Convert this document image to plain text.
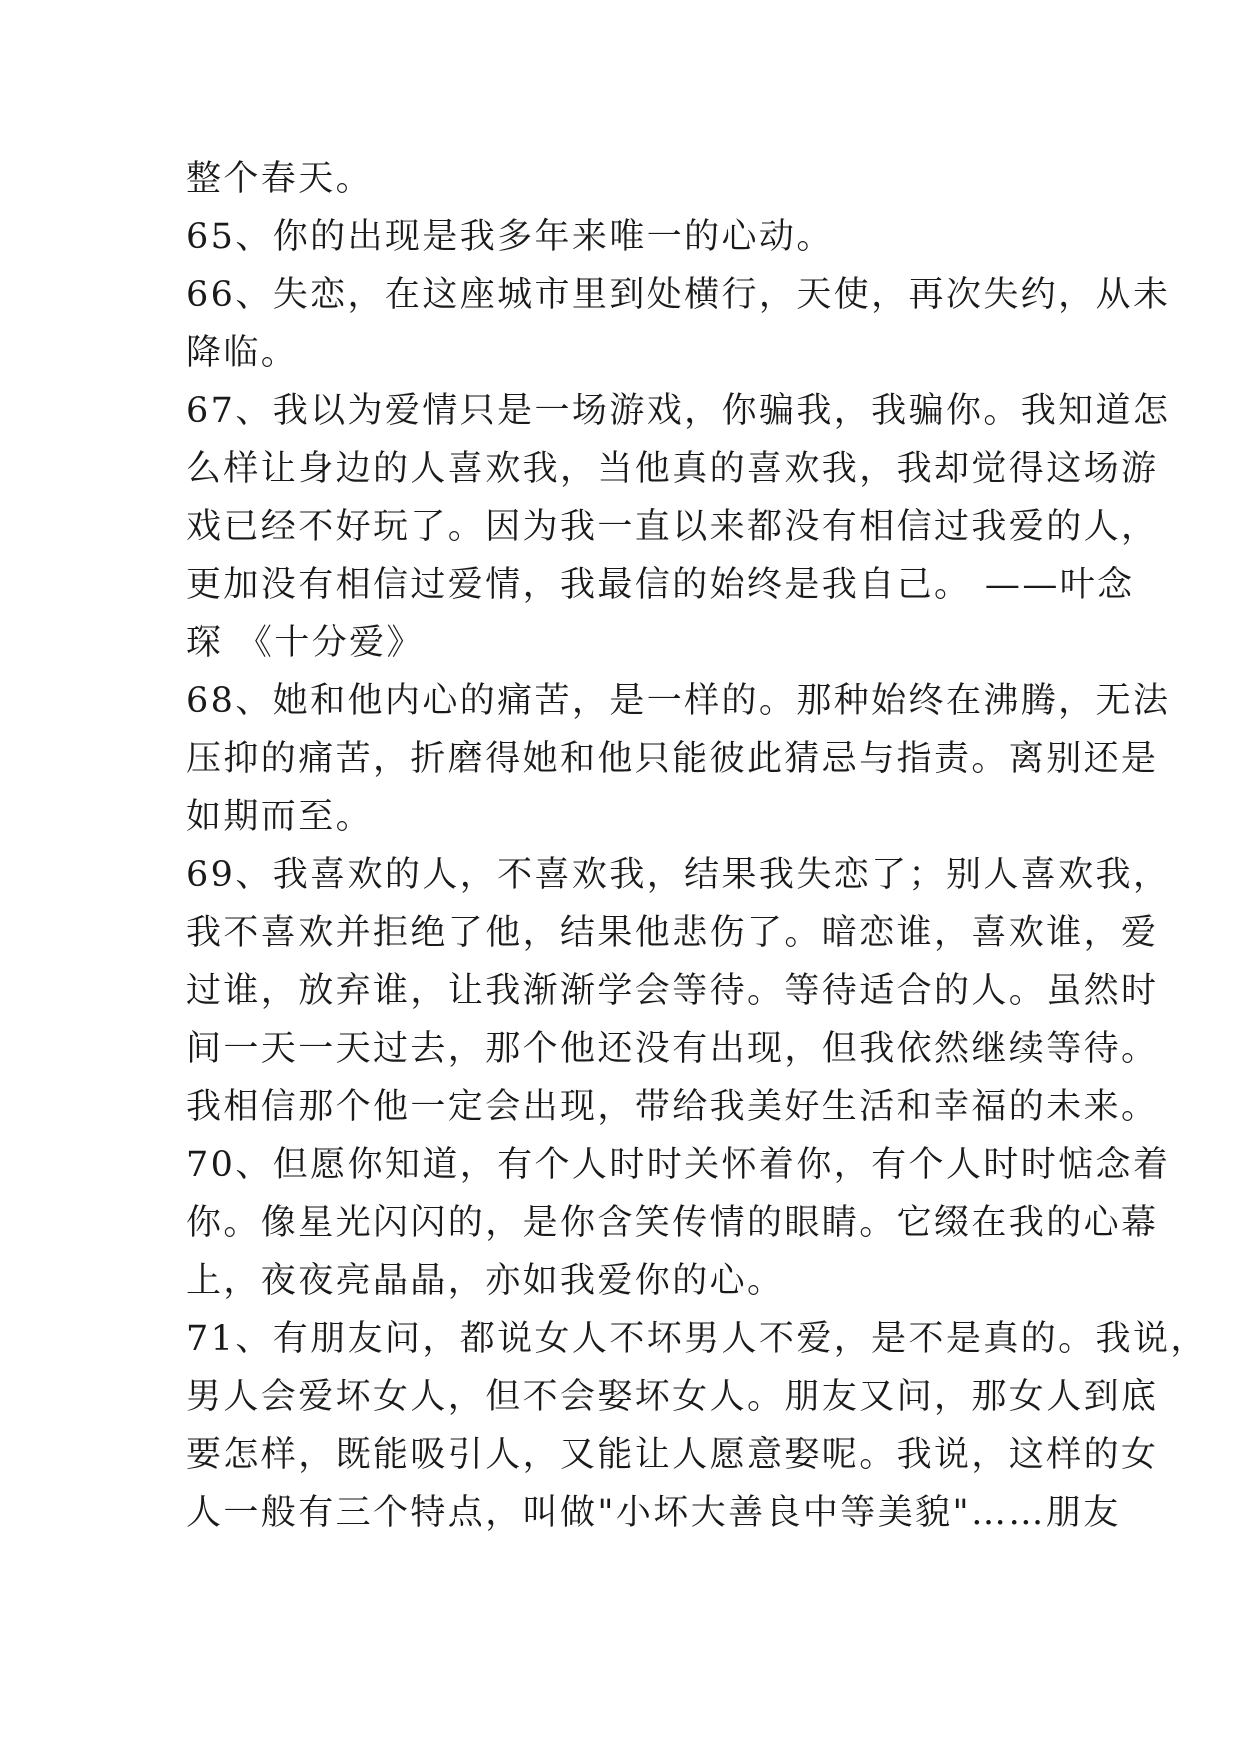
整个春天。
65、你的出现是我多年来唯一的心动。
66、失恋，在这座城市里到处横行，天使，再次失约，从未
降临。
67、我以为爱情只是一场游戏，你骗我，我骗你。我知道怎
么样让身边的人喜欢我，当他真的喜欢我，我却觉得这场游
戏已经不好玩了。因为我一直以来都没有相信过我爱的人，
更加没有相信过爱情，我最信的始终是我自己。 ——叶念
琛 《十分爱》
68、她和他内心的痛苦，是一样的。那种始终在沸腾，无法
压抑的痛苦，折磨得她和他只能彼此猜忌与指责。离别还是
如期而至。
69、我喜欢的人，不喜欢我，结果我失恋了；别人喜欢我，
我不喜欢并拒绝了他，结果他悲伤了。暗恋谁，喜欢谁，爱
过谁，放弃谁，让我渐渐学会等待。等待适合的人。虽然时
间一天一天过去，那个他还没有出现，但我依然继续等待。
我相信那个他一定会出现，带给我美好生活和幸福的未来。
70、但愿你知道，有个人时时关怀着你，有个人时时惦念着
你。像星光闪闪的，是你含笑传情的眼睛。它缀在我的心幕
上，夜夜亮晶晶，亦如我爱你的心。
71、有朋友问，都说女人不坏男人不爱，是不是真的。我说，
男人会爱坏女人，但不会娶坏女人。朋友又问，那女人到底
要怎样，既能吸引人，又能让人愿意娶呢。我说，这样的女
人一般有三个特点，叫做"小坏大善良中等美貌"……朋友
